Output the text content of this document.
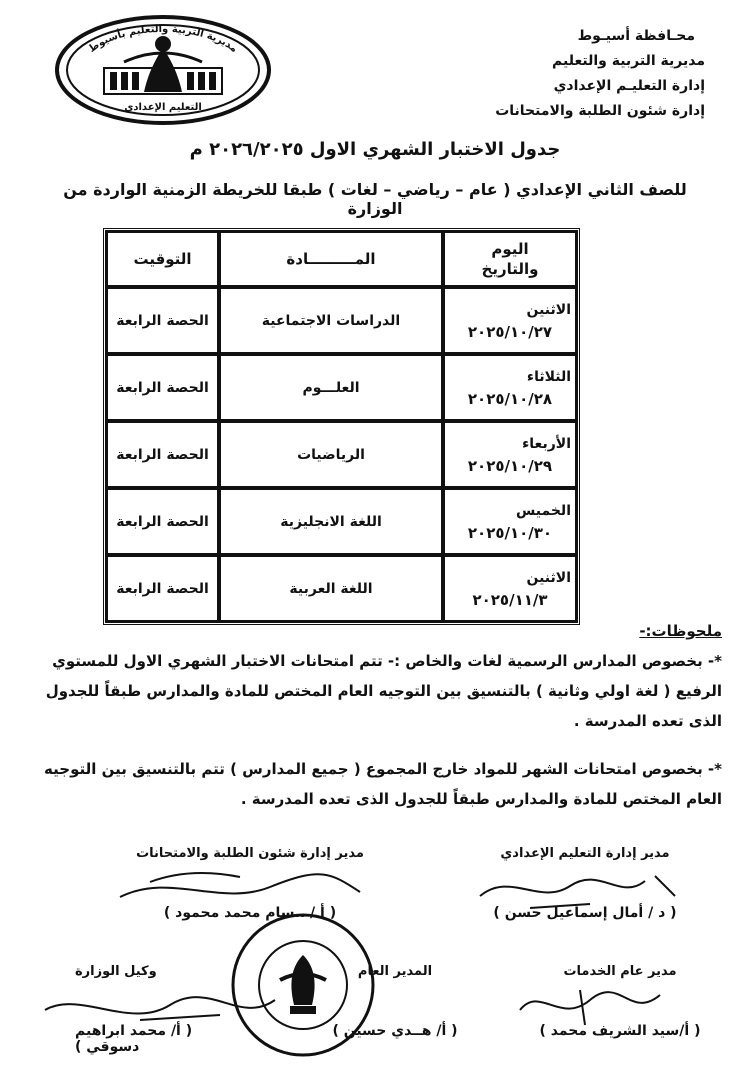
محـافظة أسيـوط
مديرية التربية والتعليم
إدارة التعليـم الإعدادي
إدارة شئون الطلبة والامتحانات
مديرية التربية والتعليم بأسيوط
التعليم الإعدادي
جدول الاختبار الشهري الاول ٢٠٢٦/٢٠٢٥ م
للصف الثاني الإعدادي ( عام – رياضي – لغات ) طبقا للخريطة الزمنية الواردة من الوزارة
اليوم
والتاريخ	المـــــــــادة	التوقيت

الاثنين
٢٠٢٥/١٠/٢٧	الدراسات الاجتماعية	الحصة الرابعة

الثلاثاء
٢٠٢٥/١٠/٢٨	العلـــوم	الحصة الرابعة

الأربعاء
٢٠٢٥/١٠/٢٩	الرياضيات	الحصة الرابعة

الخميس
٢٠٢٥/١٠/٣٠	اللغة الانجليزية	الحصة الرابعة

الاثنين
٢٠٢٥/١١/٣	اللغة العربية	الحصة الرابعة
ملحوظات:-

*- بخصوص المدارس الرسمية لغات والخاص :- تتم امتحانات الاختبار الشهري الاول للمستوي الرفيع ( لغة اولي وثانية ) بالتنسيق بين التوجيه العام المختص للمادة والمدارس طبقاً للجدول الذى تعده المدرسة .

*- بخصوص امتحانات الشهر للمواد خارج المجموع ( جميع المدارس ) تتم بالتنسيق بين التوجيه العام المختص للمادة والمدارس طبقاً للجدول الذى تعده المدرسة .

مدير إدارة التعليم الإعدادي
( د / أمال إسماعيل حسن )
مدير إدارة شئون الطلبة والامتحانات
( أ / ..سام محمد محمود )
مدير عام الخدمات
( أ/سيد الشريف محمد )
المدير العام
( أ/ هــدي حسين )
وكيل الوزارة
( أ/ محمد ابراهيم دسوقي )
